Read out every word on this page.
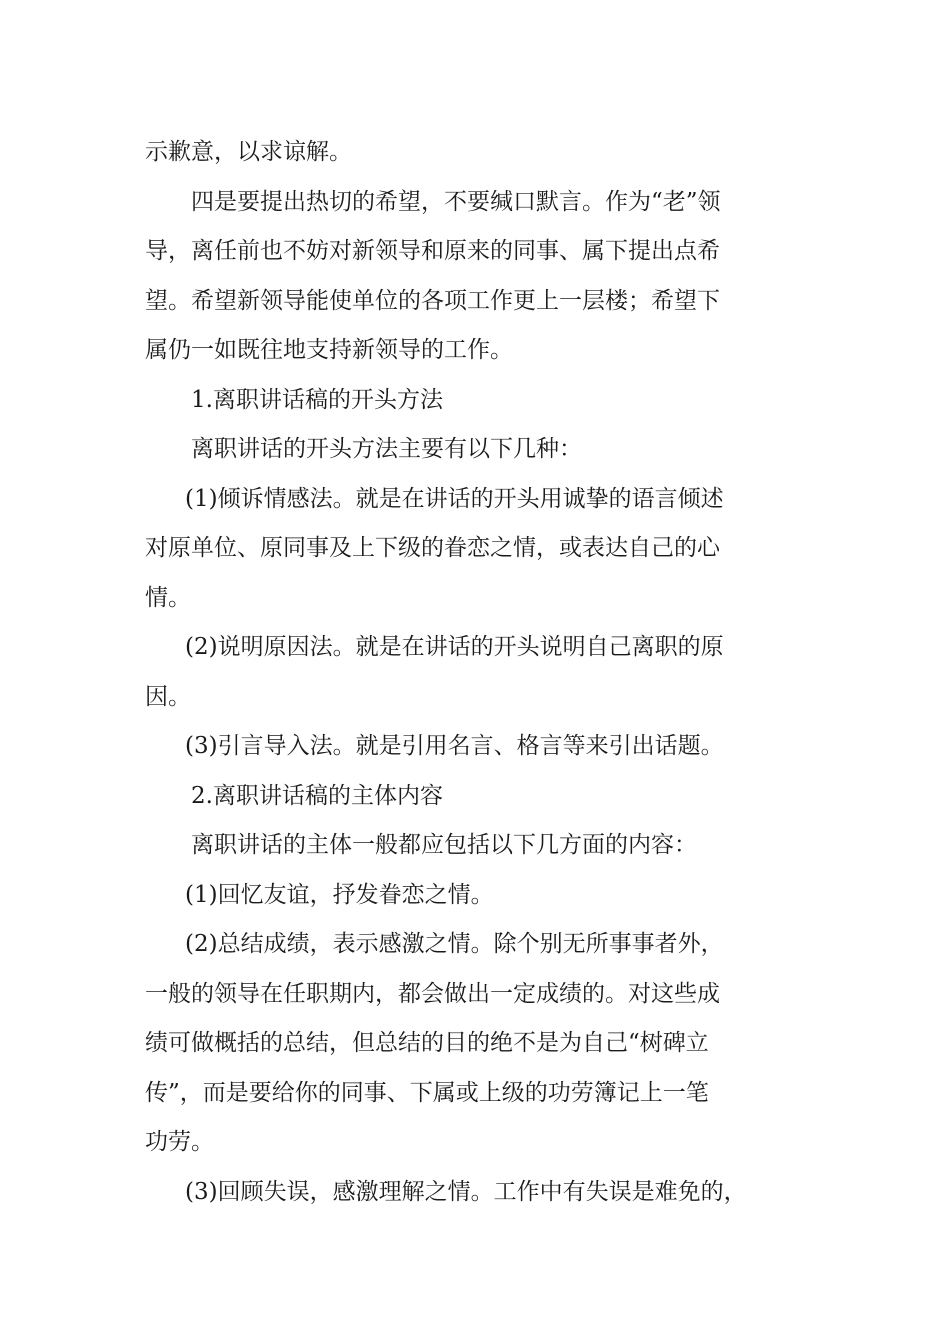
示歉意，以求谅解。

四是要提出热切的希望，不要缄口默言。作为“老”领
导，离任前也不妨对新领导和原来的同事、属下提出点希
望。希望新领导能使单位的各项工作更上一层楼；希望下
属仍一如既往地支持新领导的工作。

1.离职讲话稿的开头方法

离职讲话的开头方法主要有以下几种：

(1)倾诉情感法。就是在讲话的开头用诚挚的语言倾述
对原单位、原同事及上下级的眷恋之情，或表达自己的心
情。

(2)说明原因法。就是在讲话的开头说明自己离职的原
因。

(3)引言导入法。就是引用名言、格言等来引出话题。

2.离职讲话稿的主体内容

离职讲话的主体一般都应包括以下几方面的内容：

(1)回忆友谊，抒发眷恋之情。

(2)总结成绩，表示感激之情。除个别无所事事者外，
一般的领导在任职期内，都会做出一定成绩的。对这些成
绩可做概括的总结，但总结的目的绝不是为自己“树碑立
传”，而是要给你的同事、下属或上级的功劳簿记上一笔
功劳。

(3)回顾失误，感激理解之情。工作中有失误是难免的，
